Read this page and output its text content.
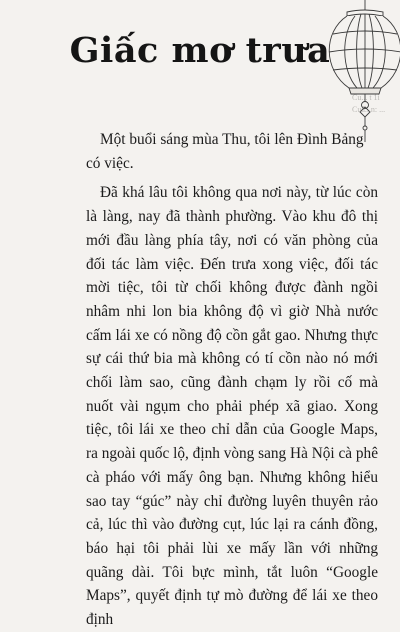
Giấc mơ trưa
Cu... t 1i
Cuá...n: ...

Một buổi sáng mùa Thu, tôi lên Đình Bảng có việc.

Đã khá lâu tôi không qua nơi này, từ lúc còn là làng, nay đã thành phường. Vào khu đô thị mới đầu làng phía tây, nơi có văn phòng của đối tác làm việc. Đến trưa xong việc, đối tác mời tiệc, tôi từ chối không được đành ngồi nhâm nhi lon bia không độ vì giờ Nhà nước cấm lái xe có nồng độ cồn gắt gao. Nhưng thực sự cái thứ bia mà không có tí cồn nào nó mới chối làm sao, cũng đành chạm ly rồi cố mà nuốt vài ngụm cho phải phép xã giao. Xong tiệc, tôi lái xe theo chỉ dẫn của Google Maps, ra ngoài quốc lộ, định vòng sang Hà Nội cà phê cà pháo với mấy ông bạn. Nhưng không hiểu sao tay “gúc” này chỉ đường luyên thuyên rảo cả, lúc thì vào đường cụt, lúc lại ra cánh đồng, báo hại tôi phải lùi xe mấy lần với những quãng dài. Tôi bực mình, tắt luôn “Google Maps”, quyết định tự mò đường để lái xe theo định
